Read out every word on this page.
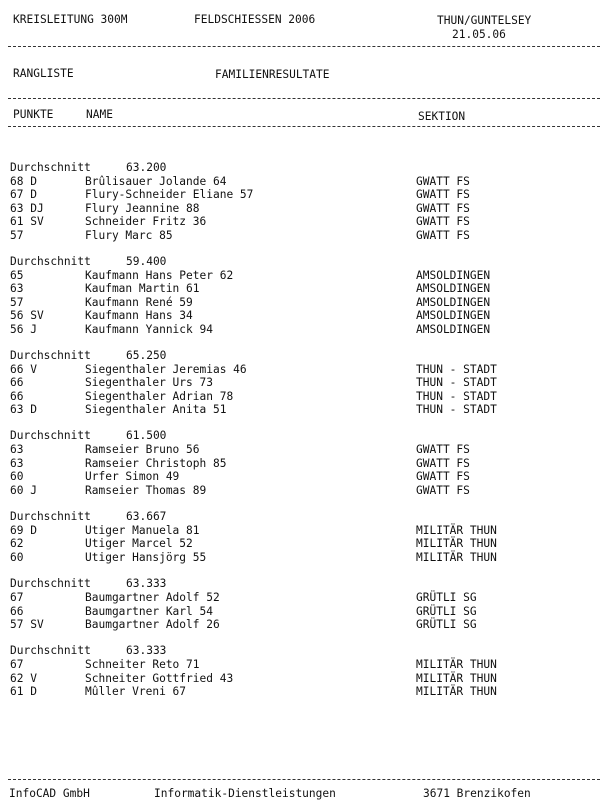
KREISLEITUNG 300M	FELDSCHIESSEN 2006	THUN/GUNTELSEY
21.05.06
RANGLISTE	FAMILIENRESULTATE
PUNKTE	NAME	SEKTION
Durchschnitt	63.200
68 D	Brûlisauer Jolande 64	GWATT FS
67 D	Flury-Schneider Eliane 57	GWATT FS
63 DJ	Flury Jeannine 88	GWATT FS
61 SV	Schneider Fritz 36	GWATT FS
57	Flury Marc 85	GWATT FS
Durchschnitt	59.400
65	Kaufmann Hans Peter 62	AMSOLDINGEN
63	Kaufman Martin 61	AMSOLDINGEN
57	Kaufmann René 59	AMSOLDINGEN
56 SV	Kaufmann Hans 34	AMSOLDINGEN
56 J	Kaufmann Yannick 94	AMSOLDINGEN
Durchschnitt	65.250
66 V	Siegenthaler Jeremias 46	THUN - STADT
66	Siegenthaler Urs 73	THUN - STADT
66	Siegenthaler Adrian 78	THUN - STADT
63 D	Siegenthaler Anita 51	THUN - STADT
Durchschnitt	61.500
63	Ramseier Bruno 56	GWATT FS
63	Ramseier Christoph 85	GWATT FS
60	Urfer Simon 49	GWATT FS
60 J	Ramseier Thomas 89	GWATT FS
Durchschnitt	63.667
69 D	Utiger Manuela 81	MILITÄR THUN
62	Utiger Marcel 52	MILITÄR THUN
60	Utiger Hansjörg 55	MILITÄR THUN
Durchschnitt	63.333
67	Baumgartner Adolf 52	GRÜTLI SG
66	Baumgartner Karl 54	GRÜTLI SG
57 SV	Baumgartner Adolf 26	GRÜTLI SG
Durchschnitt	63.333
67	Schneiter Reto 71	MILITÄR THUN
62 V	Schneiter Gottfried 43	MILITÄR THUN
61 D	Mûller Vreni 67	MILITÄR THUN
InfoCAD GmbH	Informatik-Dienstleistungen	3671 Brenzikofen
